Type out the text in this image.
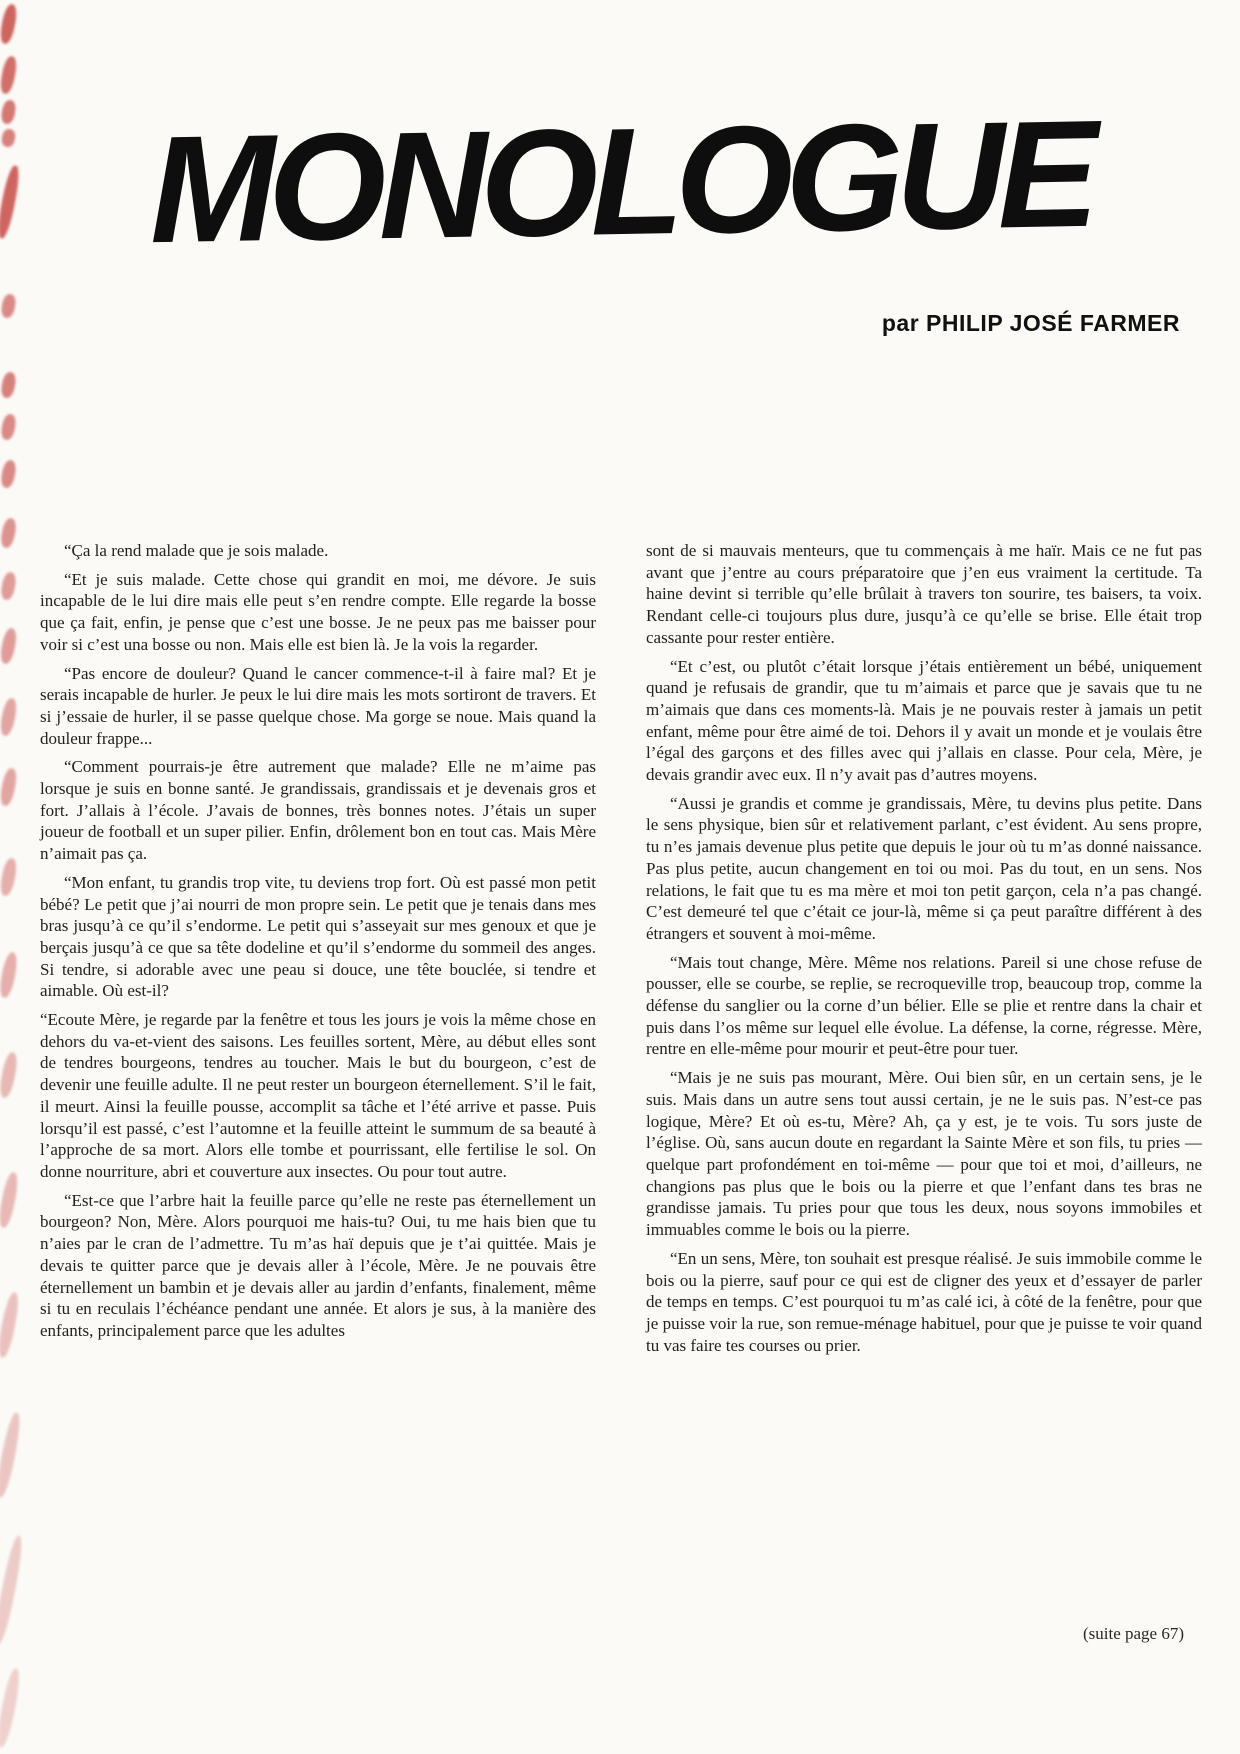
MONOLOGUE
par PHILIP JOSÉ FARMER

“Ça la rend malade que je sois malade.

“Et je suis malade. Cette chose qui grandit en moi, me dévore. Je suis incapable de le lui dire mais elle peut s’en rendre compte. Elle regarde la bosse que ça fait, enfin, je pense que c’est une bosse. Je ne peux pas me baisser pour voir si c’est una bosse ou non. Mais elle est bien là. Je la vois la regarder.

“Pas encore de douleur? Quand le cancer commence-t-il à faire mal? Et je serais incapable de hurler. Je peux le lui dire mais les mots sortiront de travers. Et si j’essaie de hurler, il se passe quelque chose. Ma gorge se noue. Mais quand la douleur frappe...

“Comment pourrais-je être autrement que malade? Elle ne m’aime pas lorsque je suis en bonne santé. Je grandissais, grandissais et je devenais gros et fort. J’allais à l’école. J’avais de bonnes, très bonnes notes. J’étais un super joueur de football et un super pilier. Enfin, drôlement bon en tout cas. Mais Mère n’aimait pas ça.

“Mon enfant, tu grandis trop vite, tu deviens trop fort. Où est passé mon petit bébé? Le petit que j’ai nourri de mon propre sein. Le petit que je tenais dans mes bras jusqu’à ce qu’il s’endorme. Le petit qui s’asseyait sur mes genoux et que je berçais jusqu’à ce que sa tête dodeline et qu’il s’endorme du sommeil des anges. Si tendre, si adorable avec une peau si douce, une tête bouclée, si tendre et aimable. Où est-il?

“Ecoute Mère, je regarde par la fenêtre et tous les jours je vois la même chose en dehors du va-et-vient des saisons. Les feuilles sortent, Mère, au début elles sont de tendres bourgeons, tendres au toucher. Mais le but du bourgeon, c’est de devenir une feuille adulte. Il ne peut rester un bourgeon éternellement. S’il le fait, il meurt. Ainsi la feuille pousse, accomplit sa tâche et l’été arrive et passe. Puis lorsqu’il est passé, c’est l’automne et la feuille atteint le summum de sa beauté à l’approche de sa mort. Alors elle tombe et pourrissant, elle fertilise le sol. On donne nourriture, abri et couverture aux insectes. Ou pour tout autre.

“Est-ce que l’arbre hait la feuille parce qu’elle ne reste pas éternellement un bourgeon? Non, Mère. Alors pourquoi me hais-tu? Oui, tu me hais bien que tu n’aies par le cran de l’admettre. Tu m’as haï depuis que je t’ai quittée. Mais je devais te quitter parce que je devais aller à l’école, Mère. Je ne pouvais être éternellement un bambin et je devais aller au jardin d’enfants, finalement, même si tu en reculais l’échéance pendant une année. Et alors je sus, à la manière des enfants, principalement parce que les adultes

sont de si mauvais menteurs, que tu commençais à me haïr. Mais ce ne fut pas avant que j’entre au cours préparatoire que j’en eus vraiment la certitude. Ta haine devint si terrible qu’elle brûlait à travers ton sourire, tes baisers, ta voix. Rendant celle-ci toujours plus dure, jusqu’à ce qu’elle se brise. Elle était trop cassante pour rester entière.

“Et c’est, ou plutôt c’était lorsque j’étais entièrement un bébé, uniquement quand je refusais de grandir, que tu m’aimais et parce que je savais que tu ne m’aimais que dans ces moments-là. Mais je ne pouvais rester à jamais un petit enfant, même pour être aimé de toi. Dehors il y avait un monde et je voulais être l’égal des garçons et des filles avec qui j’allais en classe. Pour cela, Mère, je devais grandir avec eux. Il n’y avait pas d’autres moyens.

“Aussi je grandis et comme je grandissais, Mère, tu devins plus petite. Dans le sens physique, bien sûr et relativement parlant, c’est évident. Au sens propre, tu n’es jamais devenue plus petite que depuis le jour où tu m’as donné naissance. Pas plus petite, aucun changement en toi ou moi. Pas du tout, en un sens. Nos relations, le fait que tu es ma mère et moi ton petit garçon, cela n’a pas changé. C’est demeuré tel que c’était ce jour-là, même si ça peut paraître différent à des étrangers et souvent à moi-même.

“Mais tout change, Mère. Même nos relations. Pareil si une chose refuse de pousser, elle se courbe, se replie, se recroqueville trop, beaucoup trop, comme la défense du sanglier ou la corne d’un bélier. Elle se plie et rentre dans la chair et puis dans l’os même sur lequel elle évolue. La défense, la corne, régresse. Mère, rentre en elle-même pour mourir et peut-être pour tuer.

“Mais je ne suis pas mourant, Mère. Oui bien sûr, en un certain sens, je le suis. Mais dans un autre sens tout aussi certain, je ne le suis pas. N’est-ce pas logique, Mère? Et où es-tu, Mère? Ah, ça y est, je te vois. Tu sors juste de l’église. Où, sans aucun doute en regardant la Sainte Mère et son fils, tu pries — quelque part profondément en toi-même — pour que toi et moi, d’ailleurs, ne changions pas plus que le bois ou la pierre et que l’enfant dans tes bras ne grandisse jamais. Tu pries pour que tous les deux, nous soyons immobiles et immuables comme le bois ou la pierre.

“En un sens, Mère, ton souhait est presque réalisé. Je suis immobile comme le bois ou la pierre, sauf pour ce qui est de cligner des yeux et d’essayer de parler de temps en temps. C’est pourquoi tu m’as calé ici, à côté de la fenêtre, pour que je puisse voir la rue, son remue-ménage habituel, pour que je puisse te voir quand tu vas faire tes courses ou prier.

(suite page 67)
